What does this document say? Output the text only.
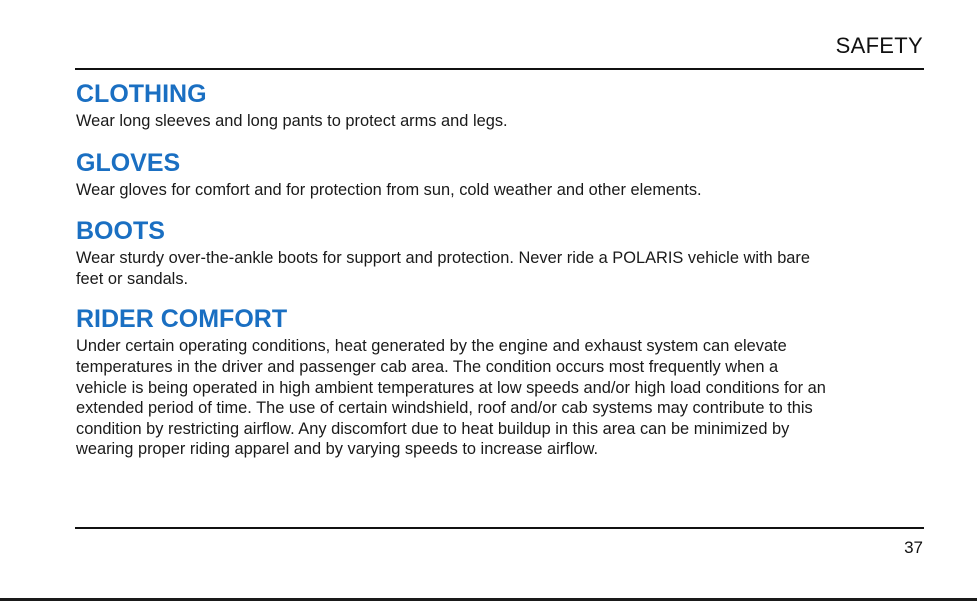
SAFETY
CLOTHING

Wear long sleeves and long pants to protect arms and legs.

GLOVES

Wear gloves for comfort and for protection from sun, cold weather and other elements.

BOOTS

Wear sturdy over-the-ankle boots for support and protection. Never ride a POLARIS vehicle with bare
feet or sandals.

RIDER COMFORT

Under certain operating conditions, heat generated by the engine and exhaust system can elevate
temperatures in the driver and passenger cab area. The condition occurs most frequently when a
vehicle is being operated in high ambient temperatures at low speeds and/or high load conditions for an
extended period of time. The use of certain windshield, roof and/or cab systems may contribute to this
condition by restricting airflow. Any discomfort due to heat buildup in this area can be minimized by
wearing proper riding apparel and by varying speeds to increase airflow.

37
